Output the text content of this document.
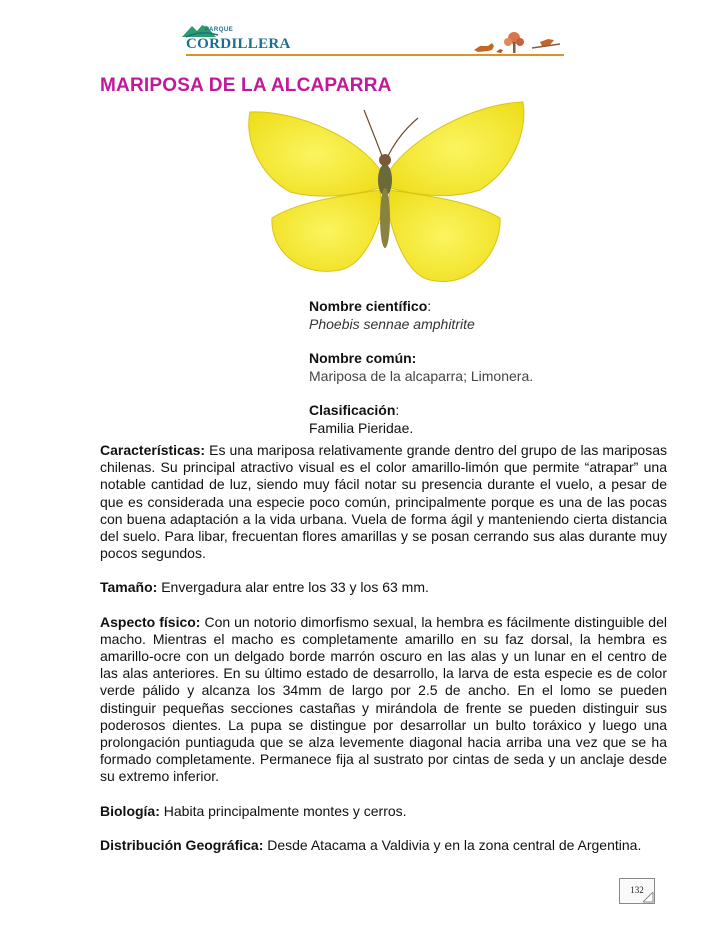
PARQUE
CORDILLERA
MARIPOSA DE LA ALCAPARRA
Nombre científico:
Phoebis sennae amphitrite
Nombre común:
Mariposa de la alcaparra; Limonera.
Clasificación:
Familia Pieridae.

Características: Es una mariposa relativamente grande dentro del grupo de las mariposas chilenas. Su principal atractivo visual es el color amarillo-limón que permite “atrapar” una notable cantidad de luz, siendo muy fácil notar su presencia durante el vuelo, a pesar de que es considerada una especie poco común, principalmente porque es una de las pocas con buena adaptación a la vida urbana. Vuela de forma ágil y manteniendo cierta distancia del suelo. Para libar, frecuentan flores amarillas y se posan cerrando sus alas durante muy pocos segundos.

Tamaño: Envergadura alar entre los 33 y los 63 mm.

Aspecto físico: Con un notorio dimorfismo sexual, la hembra es fácilmente distinguible del macho. Mientras el macho es completamente amarillo en su faz dorsal, la hembra es amarillo-ocre con un delgado borde marrón oscuro en las alas y un lunar en el centro de las alas anteriores. En su último estado de desarrollo, la larva de esta especie es de color verde pálido y alcanza los 34mm de largo por 2.5 de ancho. En el lomo se pueden distinguir pequeñas secciones castañas y mirándola de frente se pueden distinguir sus poderosos dientes. La pupa se distingue por desarrollar un bulto toráxico y luego una prolongación puntiaguda que se alza levemente diagonal hacia arriba una vez que se ha formado completamente. Permanece fija al sustrato por cintas de seda y un anclaje desde su extremo inferior.

Biología: Habita principalmente montes y cerros.

Distribución Geográfica: Desde Atacama a Valdivia y en la zona central de Argentina.

132
